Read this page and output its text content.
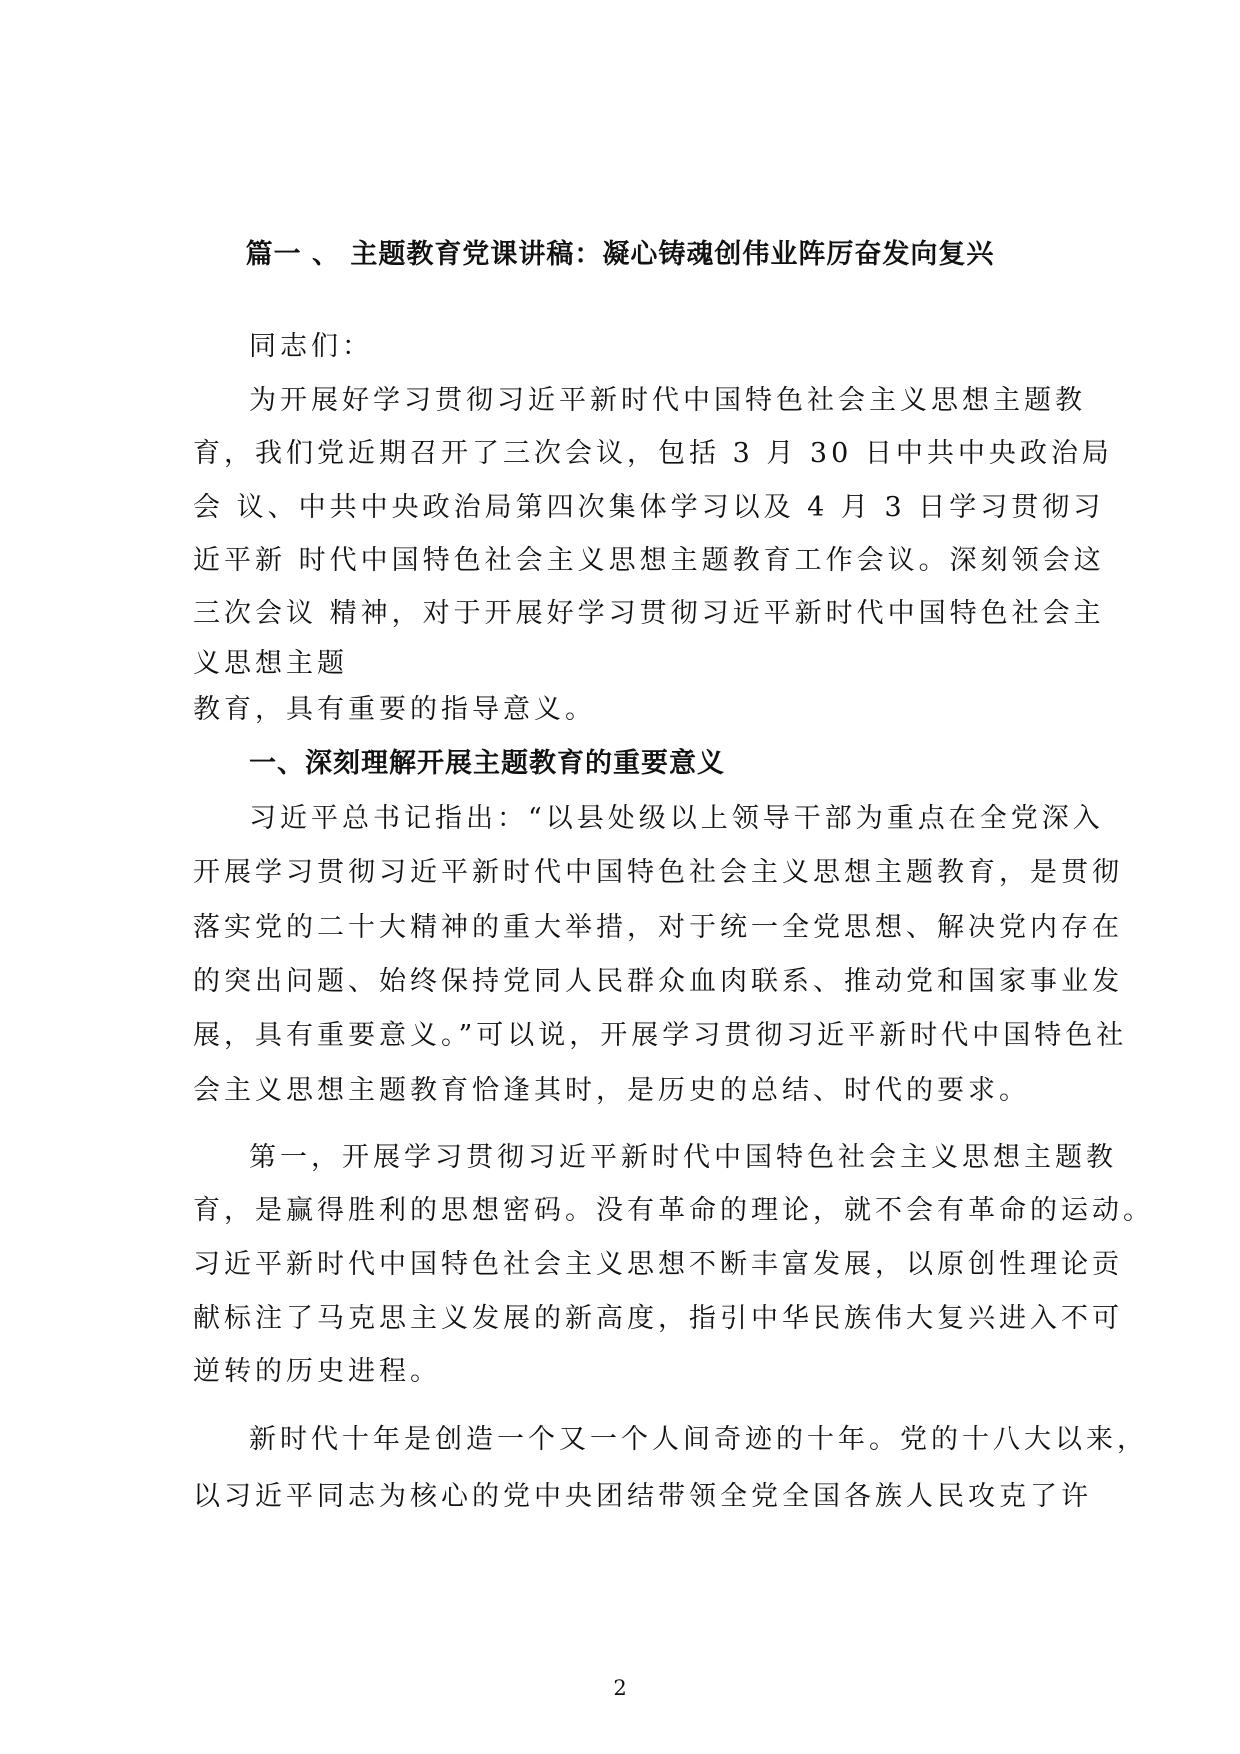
篇一 、 主题教育党课讲稿：凝心铸魂创伟业阵厉奋发向复兴
同志们：
为开展好学习贯彻习近平新时代中国特色社会主义思想主题教
育，我们党近期召开了三次会议，包括 3 月 30 日中共中央政治局
会 议、中共中央政治局第四次集体学习以及 4 月 3 日学习贯彻习
近平新 时代中国特色社会主义思想主题教育工作会议。深刻领会这
三次会议 精神，对于开展好学习贯彻习近平新时代中国特色社会主
义思想主题
教育，具有重要的指导意义。
一、深刻理解开展主题教育的重要意义
习近平总书记指出：“以县处级以上领导干部为重点在全党深入
开展学习贯彻习近平新时代中国特色社会主义思想主题教育，是贯彻
落实党的二十大精神的重大举措，对于统一全党思想、解决党内存在
的突出问题、始终保持党同人民群众血肉联系、推动党和国家事业发
展，具有重要意义。”可以说，开展学习贯彻习近平新时代中国特色社
会主义思想主题教育恰逢其时，是历史的总结、时代的要求。
第一，开展学习贯彻习近平新时代中国特色社会主义思想主题教
育，是赢得胜利的思想密码。没有革命的理论，就不会有革命的运动。
习近平新时代中国特色社会主义思想不断丰富发展，以原创性理论贡
献标注了马克思主义发展的新高度，指引中华民族伟大复兴进入不可
逆转的历史进程。
新时代十年是创造一个又一个人间奇迹的十年。党的十八大以来，
以习近平同志为核心的党中央团结带领全党全国各族人民攻克了许
2
